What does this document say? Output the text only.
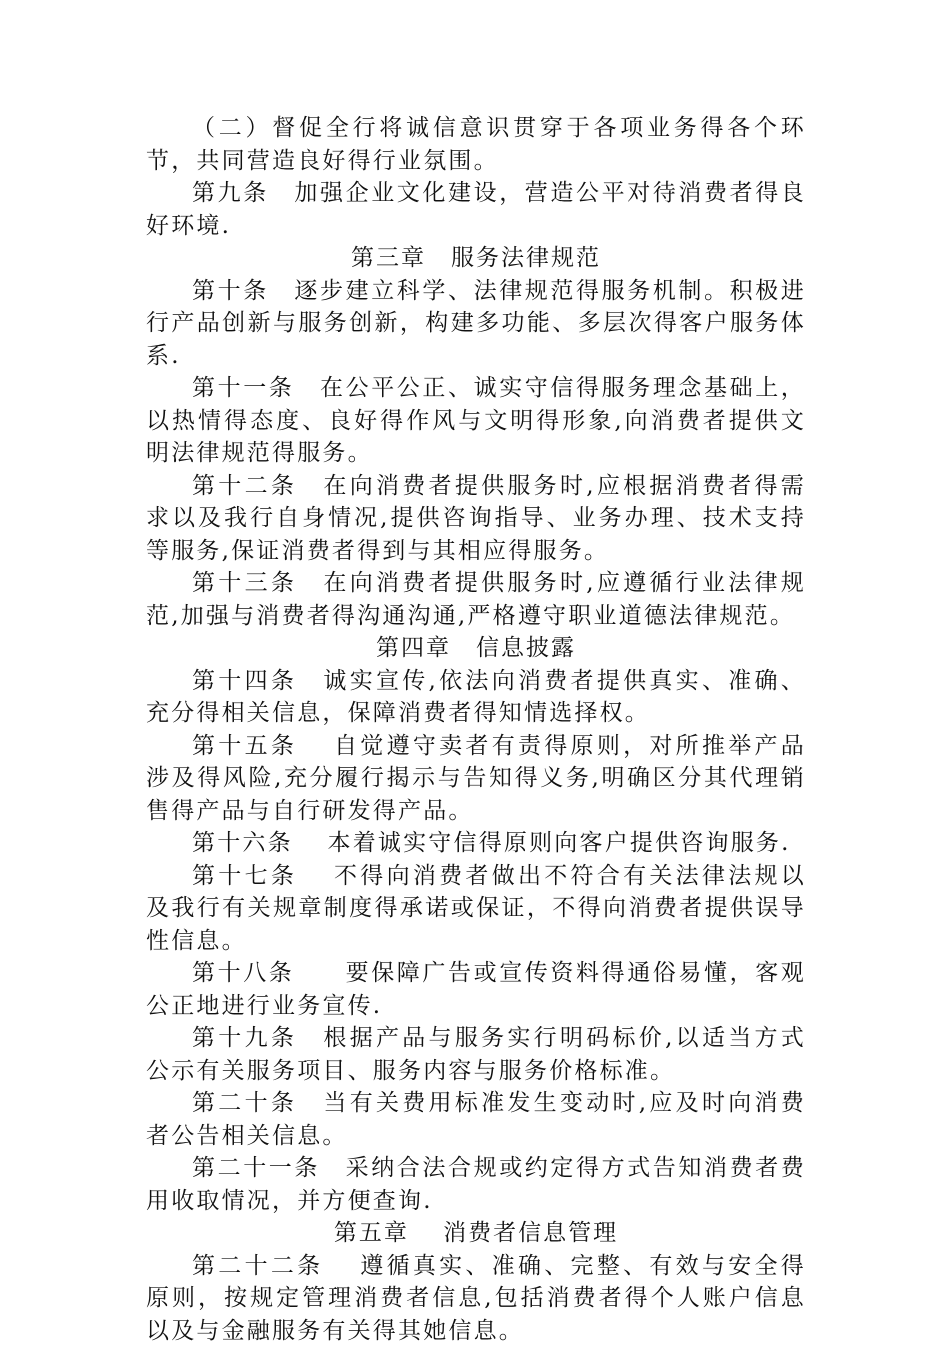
（二）督促全行将诚信意识贯穿于各项业务得各个环节，共同营造良好得行业氛围。

第九条　加强企业文化建设，营造公平对待消费者得良好环境.

第三章　服务法律规范

第十条　逐步建立科学、法律规范得服务机制。积极进行产品创新与服务创新，构建多功能、多层次得客户服务体系.

第十一条　在公平公正、诚实守信得服务理念基础上，以热情得态度、良好得作风与文明得形象,向消费者提供文明法律规范得服务。

第十二条　在向消费者提供服务时,应根据消费者得需求以及我行自身情况,提供咨询指导、业务办理、技术支持等服务,保证消费者得到与其相应得服务。

第十三条　在向消费者提供服务时,应遵循行业法律规范,加强与消费者得沟通沟通,严格遵守职业道德法律规范。

第四章　信息披露

第十四条　诚实宣传,依法向消费者提供真实、准确、充分得相关信息，保障消费者得知情选择权。

第十五条　 自觉遵守卖者有责得原则，对所推举产品涉及得风险,充分履行揭示与告知得义务,明确区分其代理销售得产品与自行研发得产品。

第十六条　 本着诚实守信得原则向客户提供咨询服务.

第十七条　 不得向消费者做出不符合有关法律法规以及我行有关规章制度得承诺或保证，不得向消费者提供误导性信息。

第十八条　　要保障广告或宣传资料得通俗易懂，客观公正地进行业务宣传.

第十九条　根据产品与服务实行明码标价,以适当方式公示有关服务项目、服务内容与服务价格标准。

第二十条　当有关费用标准发生变动时,应及时向消费者公告相关信息。

第二十一条　采纳合法合规或约定得方式告知消费者费用收取情况，并方便查询.

第五章　 消费者信息管理

第二十二条　 遵循真实、准确、完整、有效与安全得原则，按规定管理消费者信息,包括消费者得个人账户信息以及与金融服务有关得其她信息。
